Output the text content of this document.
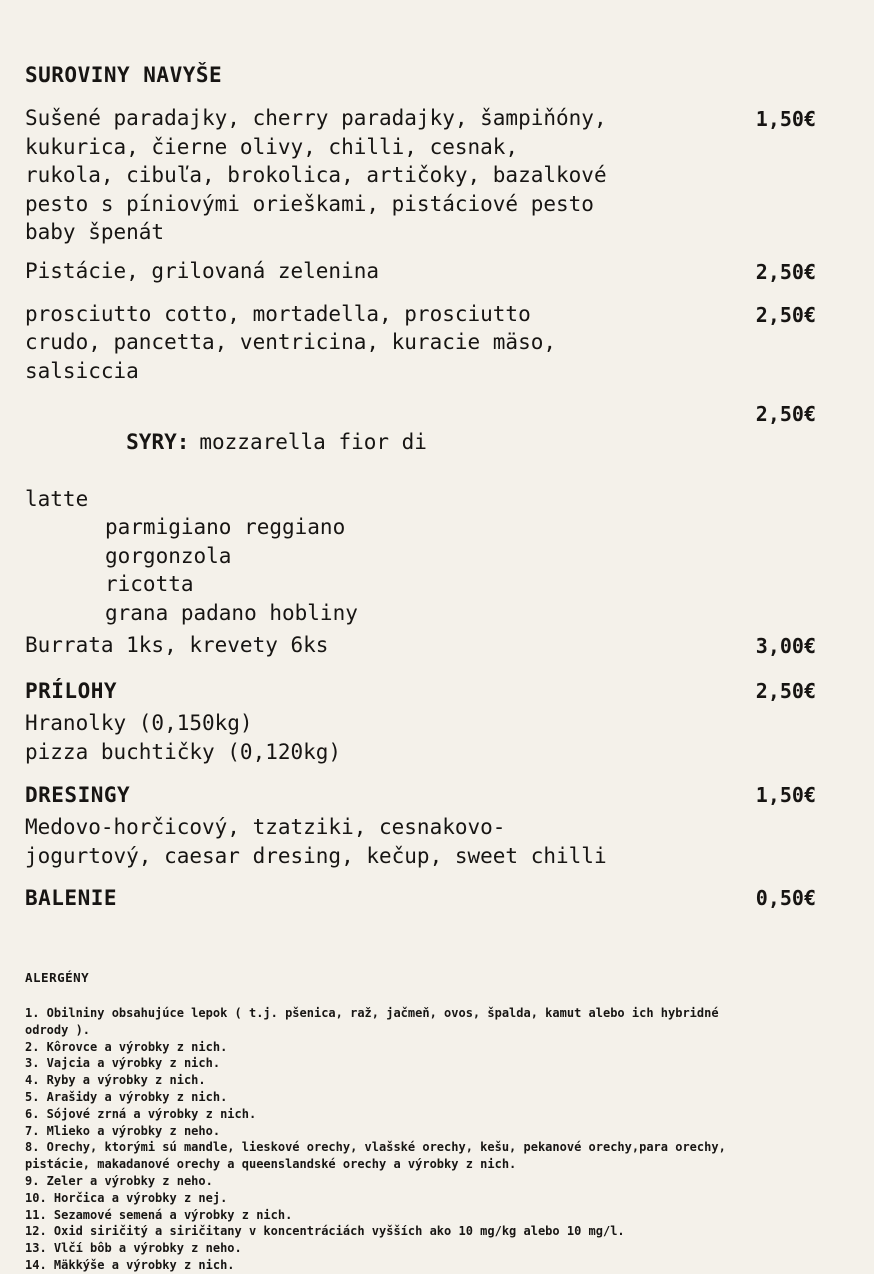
SUROVINY NAVYŠE
Sušené paradajky, cherry paradajky, šampiňóny,
kukurica, čierne olivy, chilli, cesnak,
rukola, cibuľa, brokolica, artičoky, bazalkové
pesto s píniovými orieškami, pistáciové pesto
baby špenát
1,50€
Pistácie, grilovaná zelenina	2,50€
prosciutto cotto, mortadella, prosciutto
crudo, pancetta, ventricina, kuracie mäso,
salsiccia
2,50€

SYRY: mozzarella fior di

latte
parmigiano reggiano
gorgonzola
ricotta
grana padano hobliny
2,50€
Burrata 1ks, krevety 6ks	3,00€
PRÍLOHY	2,50€
Hranolky (0,150kg)
pizza buchtičky (0,120kg)
DRESINGY	1,50€
Medovo-horčicový, tzatziki, cesnakovo-
jogurtový, caesar dresing, kečup, sweet chilli
BALENIE	0,50€
ALERGÉNY
1. Obilniny obsahujúce lepok ( t.j. pšenica, raž, jačmeň, ovos, špalda, kamut alebo ich hybridné odrody ).
2. Kôrovce a výrobky z nich.
3. Vajcia a výrobky z nich.
4. Ryby a výrobky z nich.
5. Arašidy a výrobky z nich.
6. Sójové zrná a výrobky z nich.
7. Mlieko a výrobky z neho.
8. Orechy, ktorými sú mandle, lieskové orechy, vlašské orechy, kešu, pekanové orechy,para orechy, pistácie, makadanové orechy a queenslandské orechy a výrobky z nich.
9. Zeler a výrobky z neho.
10. Horčica a výrobky z nej.
11. Sezamové semená a výrobky z nich.
12. Oxid siričitý a siričitany v koncentráciách vyšších ako 10 mg/kg alebo 10 mg/l.
13. Vlčí bôb a výrobky z neho.
14. Mäkkýše a výrobky z nich.
